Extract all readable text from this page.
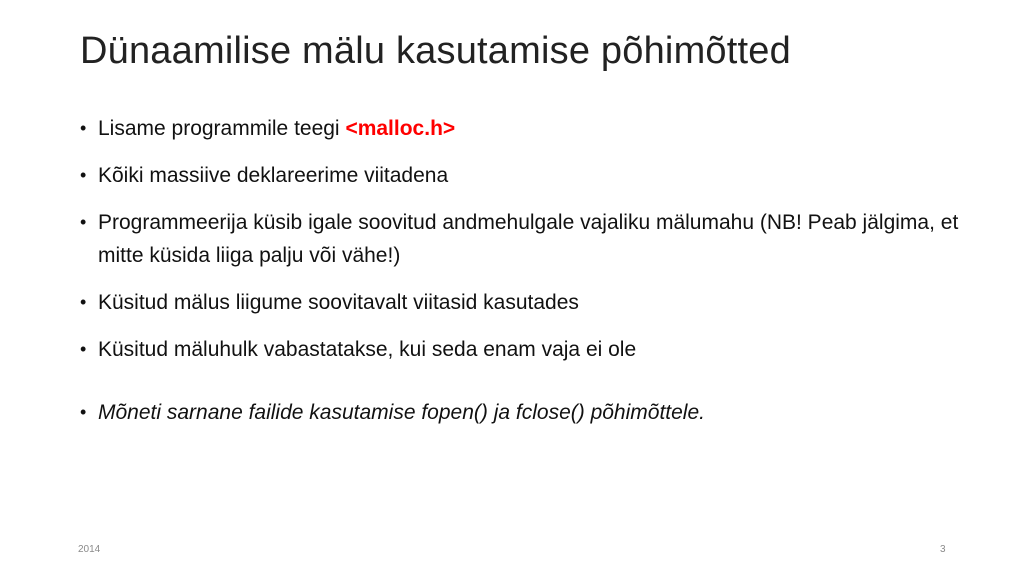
Dünaamilise mälu kasutamise põhimõtted
• Lisame programmile teegi <malloc.h>
• Kõiki massiive deklareerime viitadena
• Programmeerija küsib igale soovitud andmehulgale vajaliku mälumahu (NB! Peab jälgima, et mitte küsida liiga palju või vähe!)
• Küsitud mälus liigume soovitavalt viitasid kasutades
• Küsitud mäluhulk vabastatakse, kui seda enam vaja ei ole
• Mõneti sarnane failide kasutamise fopen() ja fclose() põhimõttele.
2014	3
